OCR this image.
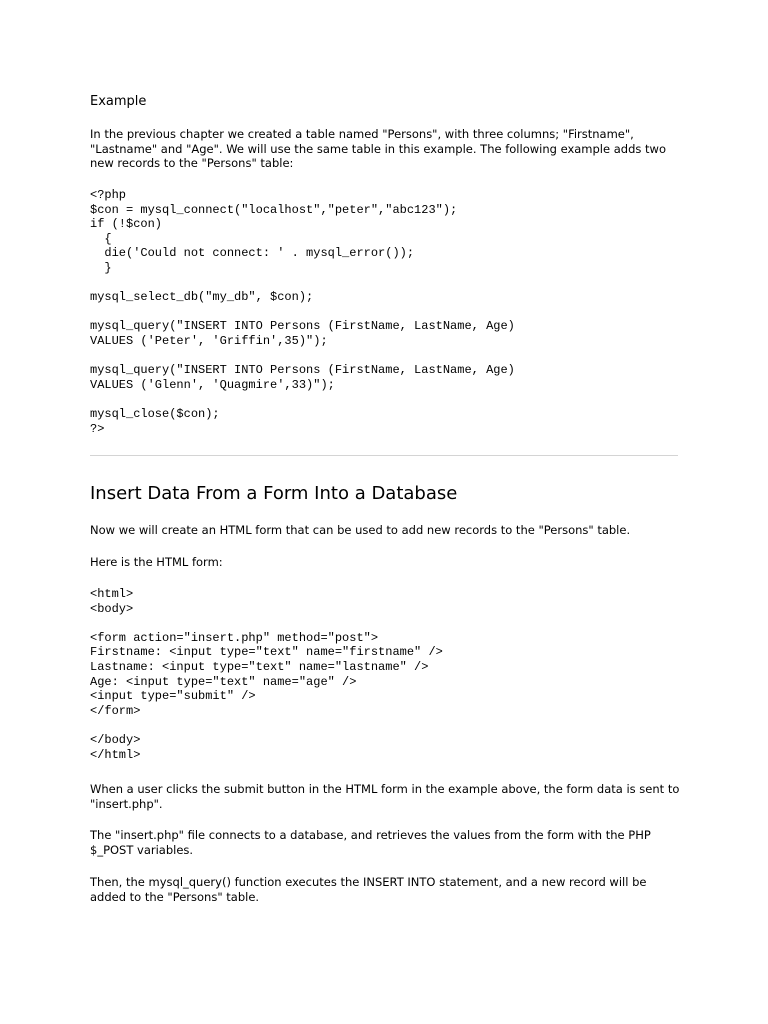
Example
In the previous chapter we created a table named "Persons", with three columns; "Firstname",
"Lastname" and "Age". We will use the same table in this example. The following example adds two
new records to the "Persons" table:
<?php
$con = mysql_connect("localhost","peter","abc123");
if (!$con)
{
die('Could not connect: ' . mysql_error());
}

mysql_select_db("my_db", $con);

mysql_query("INSERT INTO Persons (FirstName, LastName, Age)
VALUES ('Peter', 'Griffin',35)");

mysql_query("INSERT INTO Persons (FirstName, LastName, Age)
VALUES ('Glenn', 'Quagmire',33)");

mysql_close($con);
?>
Insert Data From a Form Into a Database
Now we will create an HTML form that can be used to add new records to the "Persons" table.
Here is the HTML form:
<html>
<body>

<form action="insert.php" method="post">
Firstname: <input type="text" name="firstname" />
Lastname: <input type="text" name="lastname" />
Age: <input type="text" name="age" />
<input type="submit" />
</form>

</body>
</html>
When a user clicks the submit button in the HTML form in the example above, the form data is sent to
"insert.php".
The "insert.php" file connects to a database, and retrieves the values from the form with the PHP
$_POST variables.
Then, the mysql_query() function executes the INSERT INTO statement, and a new record will be
added to the "Persons" table.
